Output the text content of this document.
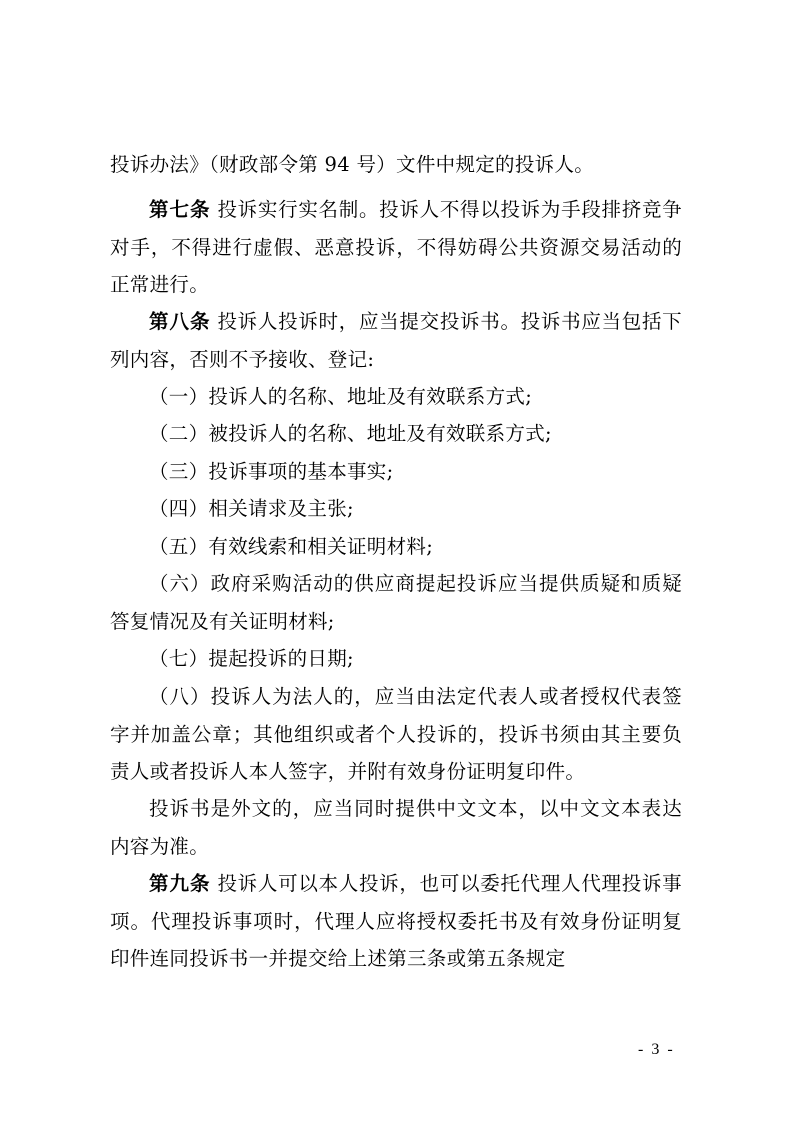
投诉办法》（财政部令第 94 号）文件中规定的投诉人。

第七条 投诉实行实名制。投诉人不得以投诉为手段排挤竞争对手，不得进行虚假、恶意投诉，不得妨碍公共资源交易活动的正常进行。

第八条 投诉人投诉时，应当提交投诉书。投诉书应当包括下列内容，否则不予接收、登记:

（一）投诉人的名称、地址及有效联系方式;

（二）被投诉人的名称、地址及有效联系方式;

（三）投诉事项的基本事实;

（四）相关请求及主张;

（五）有效线索和相关证明材料;

（六）政府采购活动的供应商提起投诉应当提供质疑和质疑答复情况及有关证明材料;

（七）提起投诉的日期;

（八）投诉人为法人的，应当由法定代表人或者授权代表签字并加盖公章；其他组织或者个人投诉的，投诉书须由其主要负责人或者投诉人本人签字，并附有效身份证明复印件。

投诉书是外文的，应当同时提供中文文本，以中文文本表达内容为准。

第九条 投诉人可以本人投诉，也可以委托代理人代理投诉事项。代理投诉事项时，代理人应将授权委托书及有效身份证明复印件连同投诉书一并提交给上述第三条或第五条规定

- 3 -
